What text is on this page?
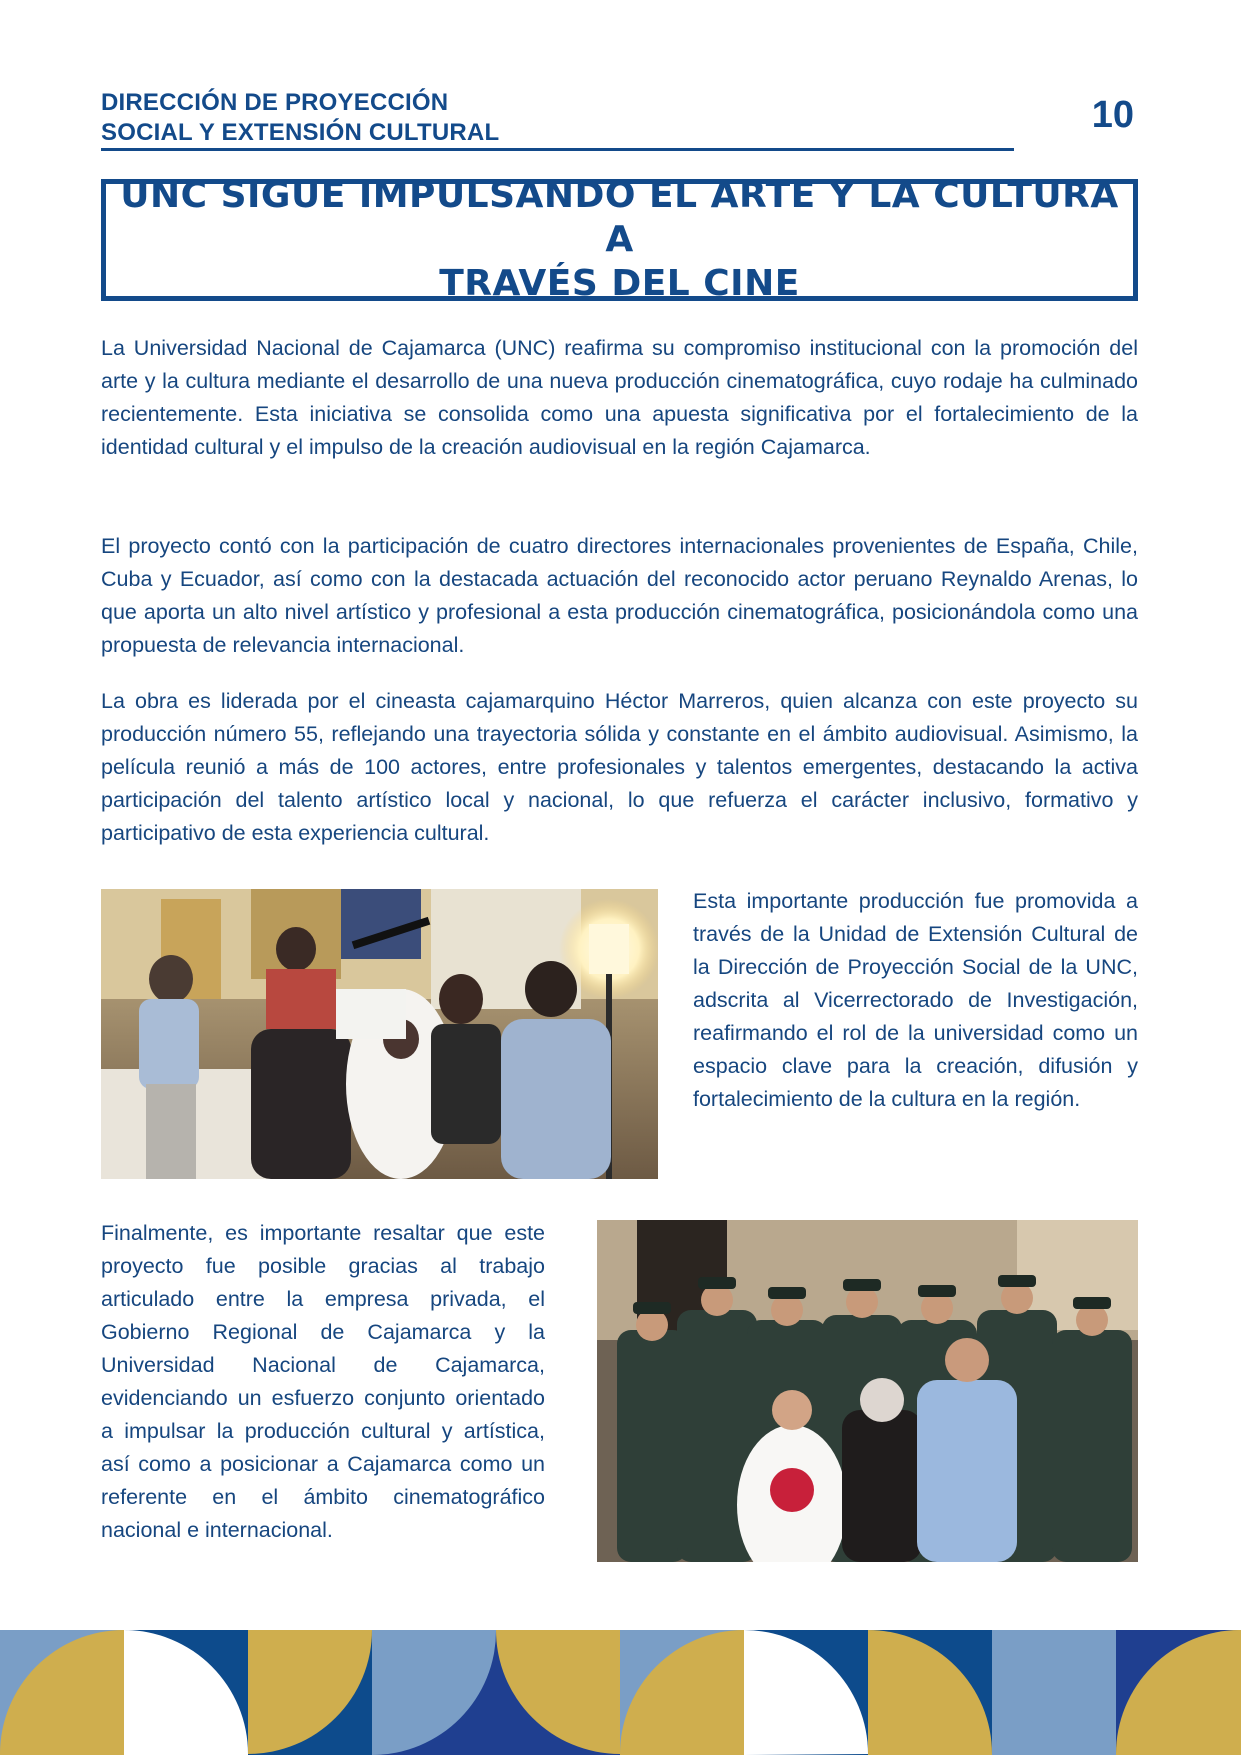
DIRECCIÓN DE PROYECCIÓN
SOCIAL Y EXTENSIÓN CULTURAL	10
UNC SIGUE IMPULSANDO EL ARTE Y LA CULTURA A
TRAVÉS DEL CINE

La Universidad Nacional de Cajamarca (UNC) reafirma su compromiso institucional con la promoción del arte y la cultura mediante el desarrollo de una nueva producción cinematográfica, cuyo rodaje ha culminado recientemente. Esta iniciativa se consolida como una apuesta significativa por el fortalecimiento de la identidad cultural y el impulso de la creación audiovisual en la región Cajamarca.

El proyecto contó con la participación de cuatro directores internacionales provenientes de España, Chile, Cuba y Ecuador, así como con la destacada actuación del reconocido actor peruano Reynaldo Arenas, lo que aporta un alto nivel artístico y profesional a esta producción cinematográfica, posicionándola como una propuesta de relevancia internacional.

La obra es liderada por el cineasta cajamarquino Héctor Marreros, quien alcanza con este proyecto su producción número 55, reflejando una trayectoria sólida y constante en el ámbito audiovisual. Asimismo, la película reunió a más de 100 actores, entre profesionales y talentos emergentes, destacando la activa participación del talento artístico local y nacional, lo que refuerza el carácter inclusivo, formativo y participativo de esta experiencia cultural.

Esta importante producción fue promovida a través de la Unidad de Extensión Cultural de la Dirección de Proyección Social de la UNC, adscrita al Vicerrectorado de Investigación, reafirmando el rol de la universidad como un espacio clave para la creación, difusión y fortalecimiento de la cultura en la región.

Finalmente, es importante resaltar que este proyecto fue posible gracias al trabajo articulado entre la empresa privada, el Gobierno Regional de Cajamarca y la Universidad Nacional de Cajamarca, evidenciando un esfuerzo conjunto orientado a impulsar la producción cultural y artística, así como a posicionar a Cajamarca como un referente en el ámbito cinematográfico nacional e internacional.
